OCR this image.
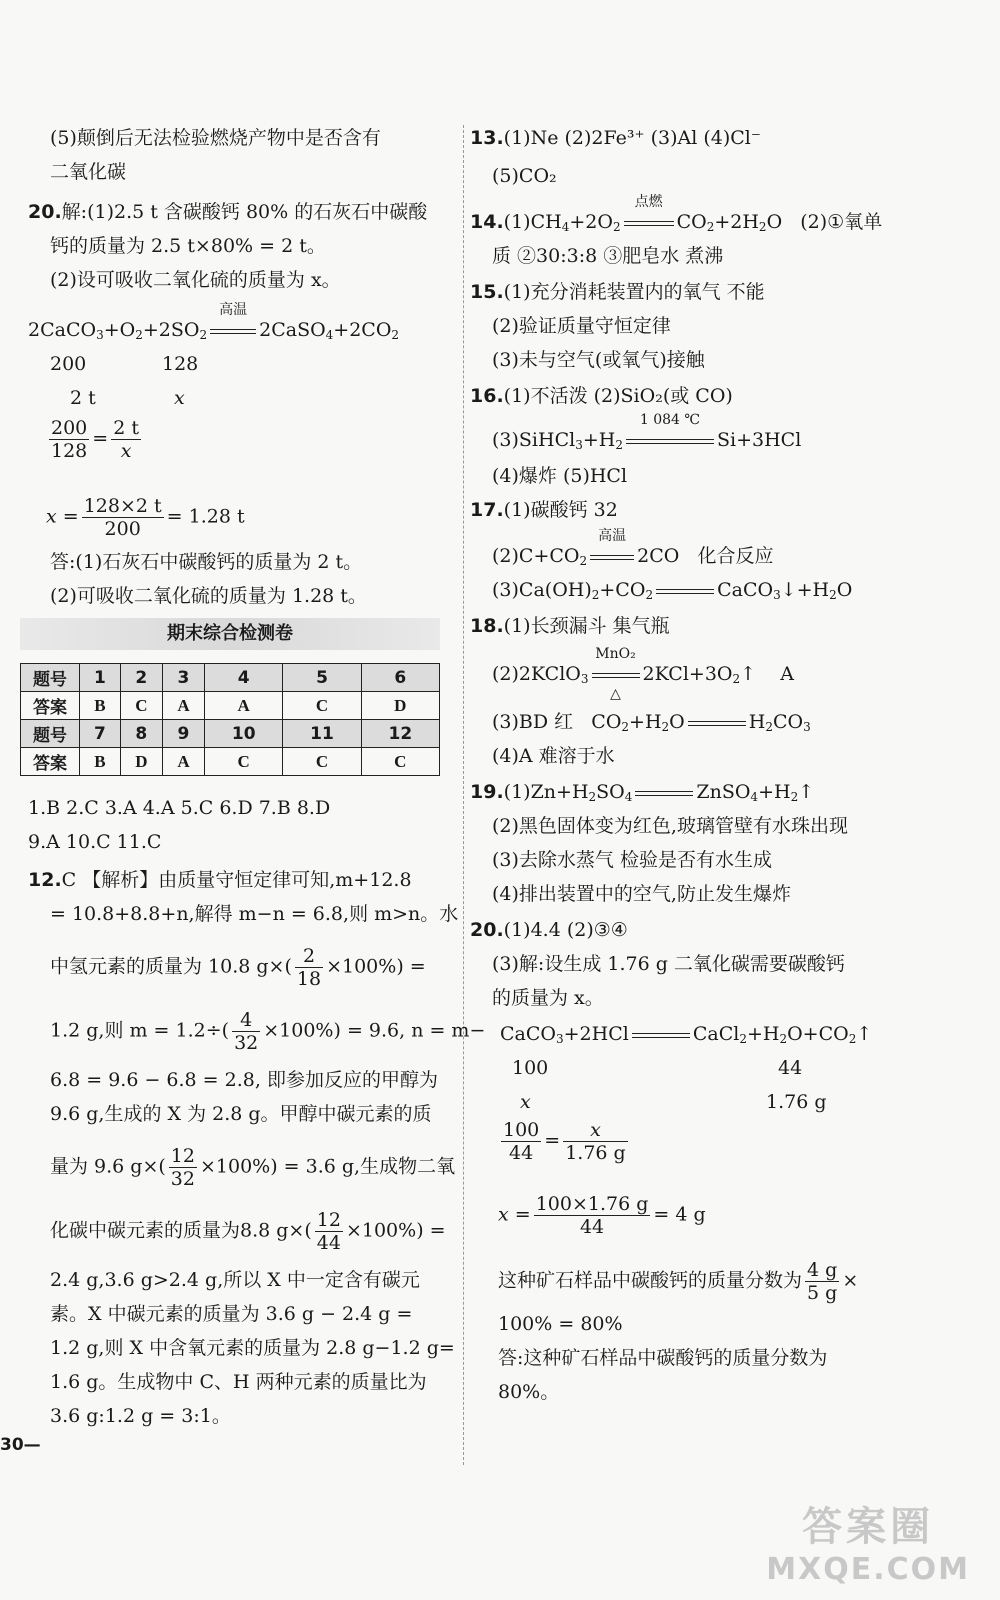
(5)颠倒后无法检验燃烧产物中是否含有
二氧化碳
20.解:(1)2.5 t 含碳酸钙 80% 的石灰石中碳酸
钙的质量为 2.5 t×80% = 2 t。
(2)设可吸收二氧化硫的质量为 x。
$2CaCO_3+O_2+2SO_2$
高温
$2CaSO_4+2CO_2$
200	128
2 t	x
$\frac{200}{128} = \frac{2 t}{x}$
$x = \frac{128\times 2 t}{200} = 1.28$ t
答:(1)石灰石中碳酸钙的质量为 2 t。
(2)可吸收二氧化硫的质量为 1.28 t。
期末综合检测卷
题号	1	2	3	4	5	6
答案	B	C	A	A	C	D
题号	7	8	9	10	11	12
答案	B	D	A	C	C	C
1.B 2.C 3.A 4.A 5.C 6.D 7.B 8.D
9.A 10.C 11.C
12.C 【解析】由质量守恒定律可知,m+12.8
= 10.8+8.8+n,解得 m−n = 6.8,则 m>n。水
中氢元素的质量为 10.8 $g\times( \frac{2}{18} \times 100\%)$ =
1.2 g,则 $m = 1.2\div( \frac{4}{32} \times 100\%) = 9.6$, n = m−
6.8 = 9.6 − 6.8 = 2.8, 即参加反应的甲醇为
9.6 g,生成的 X 为 2.8 g。甲醇中碳元素的质
量为 9.6 $g\times( \frac{12}{32} \times 100\%) = 3.6$ g,生成物二氧
化碳中碳元素的质量为8.8 $g\times( \frac{12}{44} \times 100\%)$ =
2.4 g,3.6 g>2.4 g,所以 X 中一定含有碳元
素。X 中碳元素的质量为 3.6 g − 2.4 g =
1.2 g,则 X 中含氧元素的质量为 2.8 g−1.2 g=
1.6 g。生成物中 C、H 两种元素的质量比为
3.6 g:1.2 g = 3:1。
13.(1)Ne (2)2Fe³⁺ (3)Al (4)Cl⁻
(5)CO₂
$14.(1)CH_4+2O_2$
点燃
$CO_2+2H_2O$   (2)①氧单
质 ②30:3:8 ③肥皂水 煮沸
15.(1)充分消耗装置内的氧气 不能
(2)验证质量守恒定律
(3)未与空气(或氧气)接触
16.(1)不活泼 (2)SiO₂(或 CO)
$(3)SiHCl_3+H_2$
1 084 ℃
Si+3HCl
(4)爆炸 (5)HCl
17.(1)碳酸钙 32
$(2)C+CO_2$
高温
2CO   化合反应
$(3)Ca(OH)_2+CO_2$	$CaCO_3↓+H_2O$
18.(1)长颈漏斗 集气瓶
(2)2KClO$_3$
MnO₂
△
$2KCl+3O_2↑$    A
(3)BD 红   $CO_2+H_2O$	$H_2CO_3$
(4)A 难溶于水
$19.(1)Zn+H_2SO_4$	$ZnSO_4+H_2↑$
(2)黑色固体变为红色,玻璃管壁有水珠出现
(3)去除水蒸气 检验是否有水生成
(4)排出装置中的空气,防止发生爆炸
20.(1)4.4 (2)③④
(3)解:设生成 1.76 g 二氧化碳需要碳酸钙
的质量为 x。
CaCO$_3$+2HCl	$CaCl_2+H_2O+CO_2↑$
100	44
x	1.76 g
$\frac{100}{44} = \frac{x}{1.76 g}$
$x = \frac{100\times 1.76 g}{44} = 4$ g
这种矿石样品中碳酸钙的质量分数为 $\frac{4 g}{5 g}$ ×
100% = 80%
答:这种矿石样品中碳酸钙的质量分数为
80%。
30—
答案圈
MXQE.COM
